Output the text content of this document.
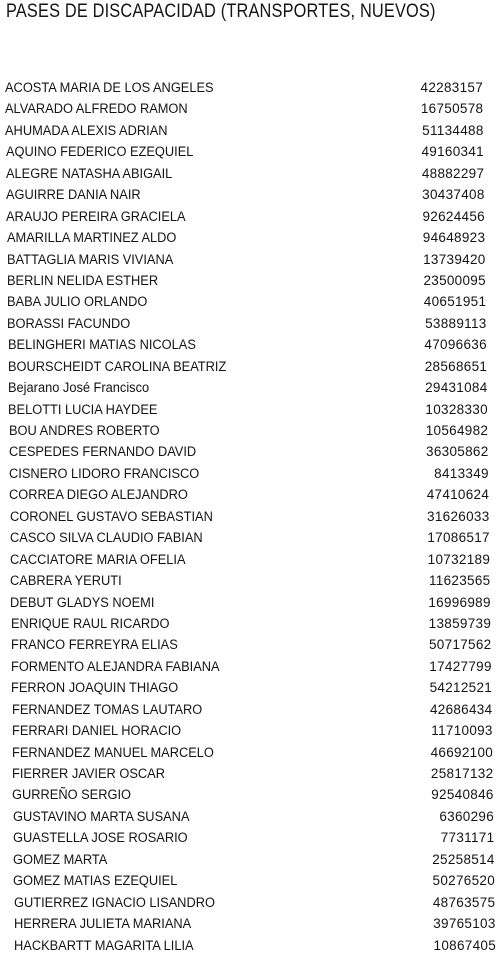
PASES DE DISCAPACIDAD (TRANSPORTES, NUEVOS)
ACOSTA MARIA DE LOS ANGELES	42283157
ALVARADO ALFREDO RAMON	16750578
AHUMADA ALEXIS ADRIAN	51134488
AQUINO FEDERICO EZEQUIEL	49160341
ALEGRE NATASHA ABIGAIL	48882297
AGUIRRE DANIA NAIR	30437408
ARAUJO PEREIRA GRACIELA	92624456
AMARILLA MARTINEZ ALDO	94648923
BATTAGLIA MARIS VIVIANA	13739420
BERLIN NELIDA ESTHER	23500095
BABA JULIO ORLANDO	40651951
BORASSI FACUNDO	53889113
BELINGHERI MATIAS NICOLAS	47096636
BOURSCHEIDT CAROLINA BEATRIZ	28568651
Bejarano José Francisco	29431084
BELOTTI LUCIA HAYDEE	10328330
BOU ANDRES ROBERTO	10564982
CESPEDES FERNANDO DAVID	36305862
CISNERO LIDORO FRANCISCO	8413349
CORREA DIEGO ALEJANDRO	47410624
CORONEL GUSTAVO SEBASTIAN	31626033
CASCO SILVA CLAUDIO FABIAN	17086517
CACCIATORE MARIA OFELIA	10732189
CABRERA YERUTI	11623565
DEBUT GLADYS NOEMI	16996989
ENRIQUE RAUL RICARDO	13859739
FRANCO FERREYRA ELIAS	50717562
FORMENTO ALEJANDRA FABIANA	17427799
FERRON JOAQUIN THIAGO	54212521
FERNANDEZ TOMAS LAUTARO	42686434
FERRARI DANIEL HORACIO	11710093
FERNANDEZ MANUEL MARCELO	46692100
FIERRER JAVIER OSCAR	25817132
GURREÑO SERGIO	92540846
GUSTAVINO MARTA SUSANA	6360296
GUASTELLA JOSE ROSARIO	7731171
GOMEZ MARTA	25258514
GOMEZ MATIAS EZEQUIEL	50276520
GUTIERREZ IGNACIO LISANDRO	48763575
HERRERA JULIETA MARIANA	39765103
HACKBARTT MAGARITA LILIA	10867405
